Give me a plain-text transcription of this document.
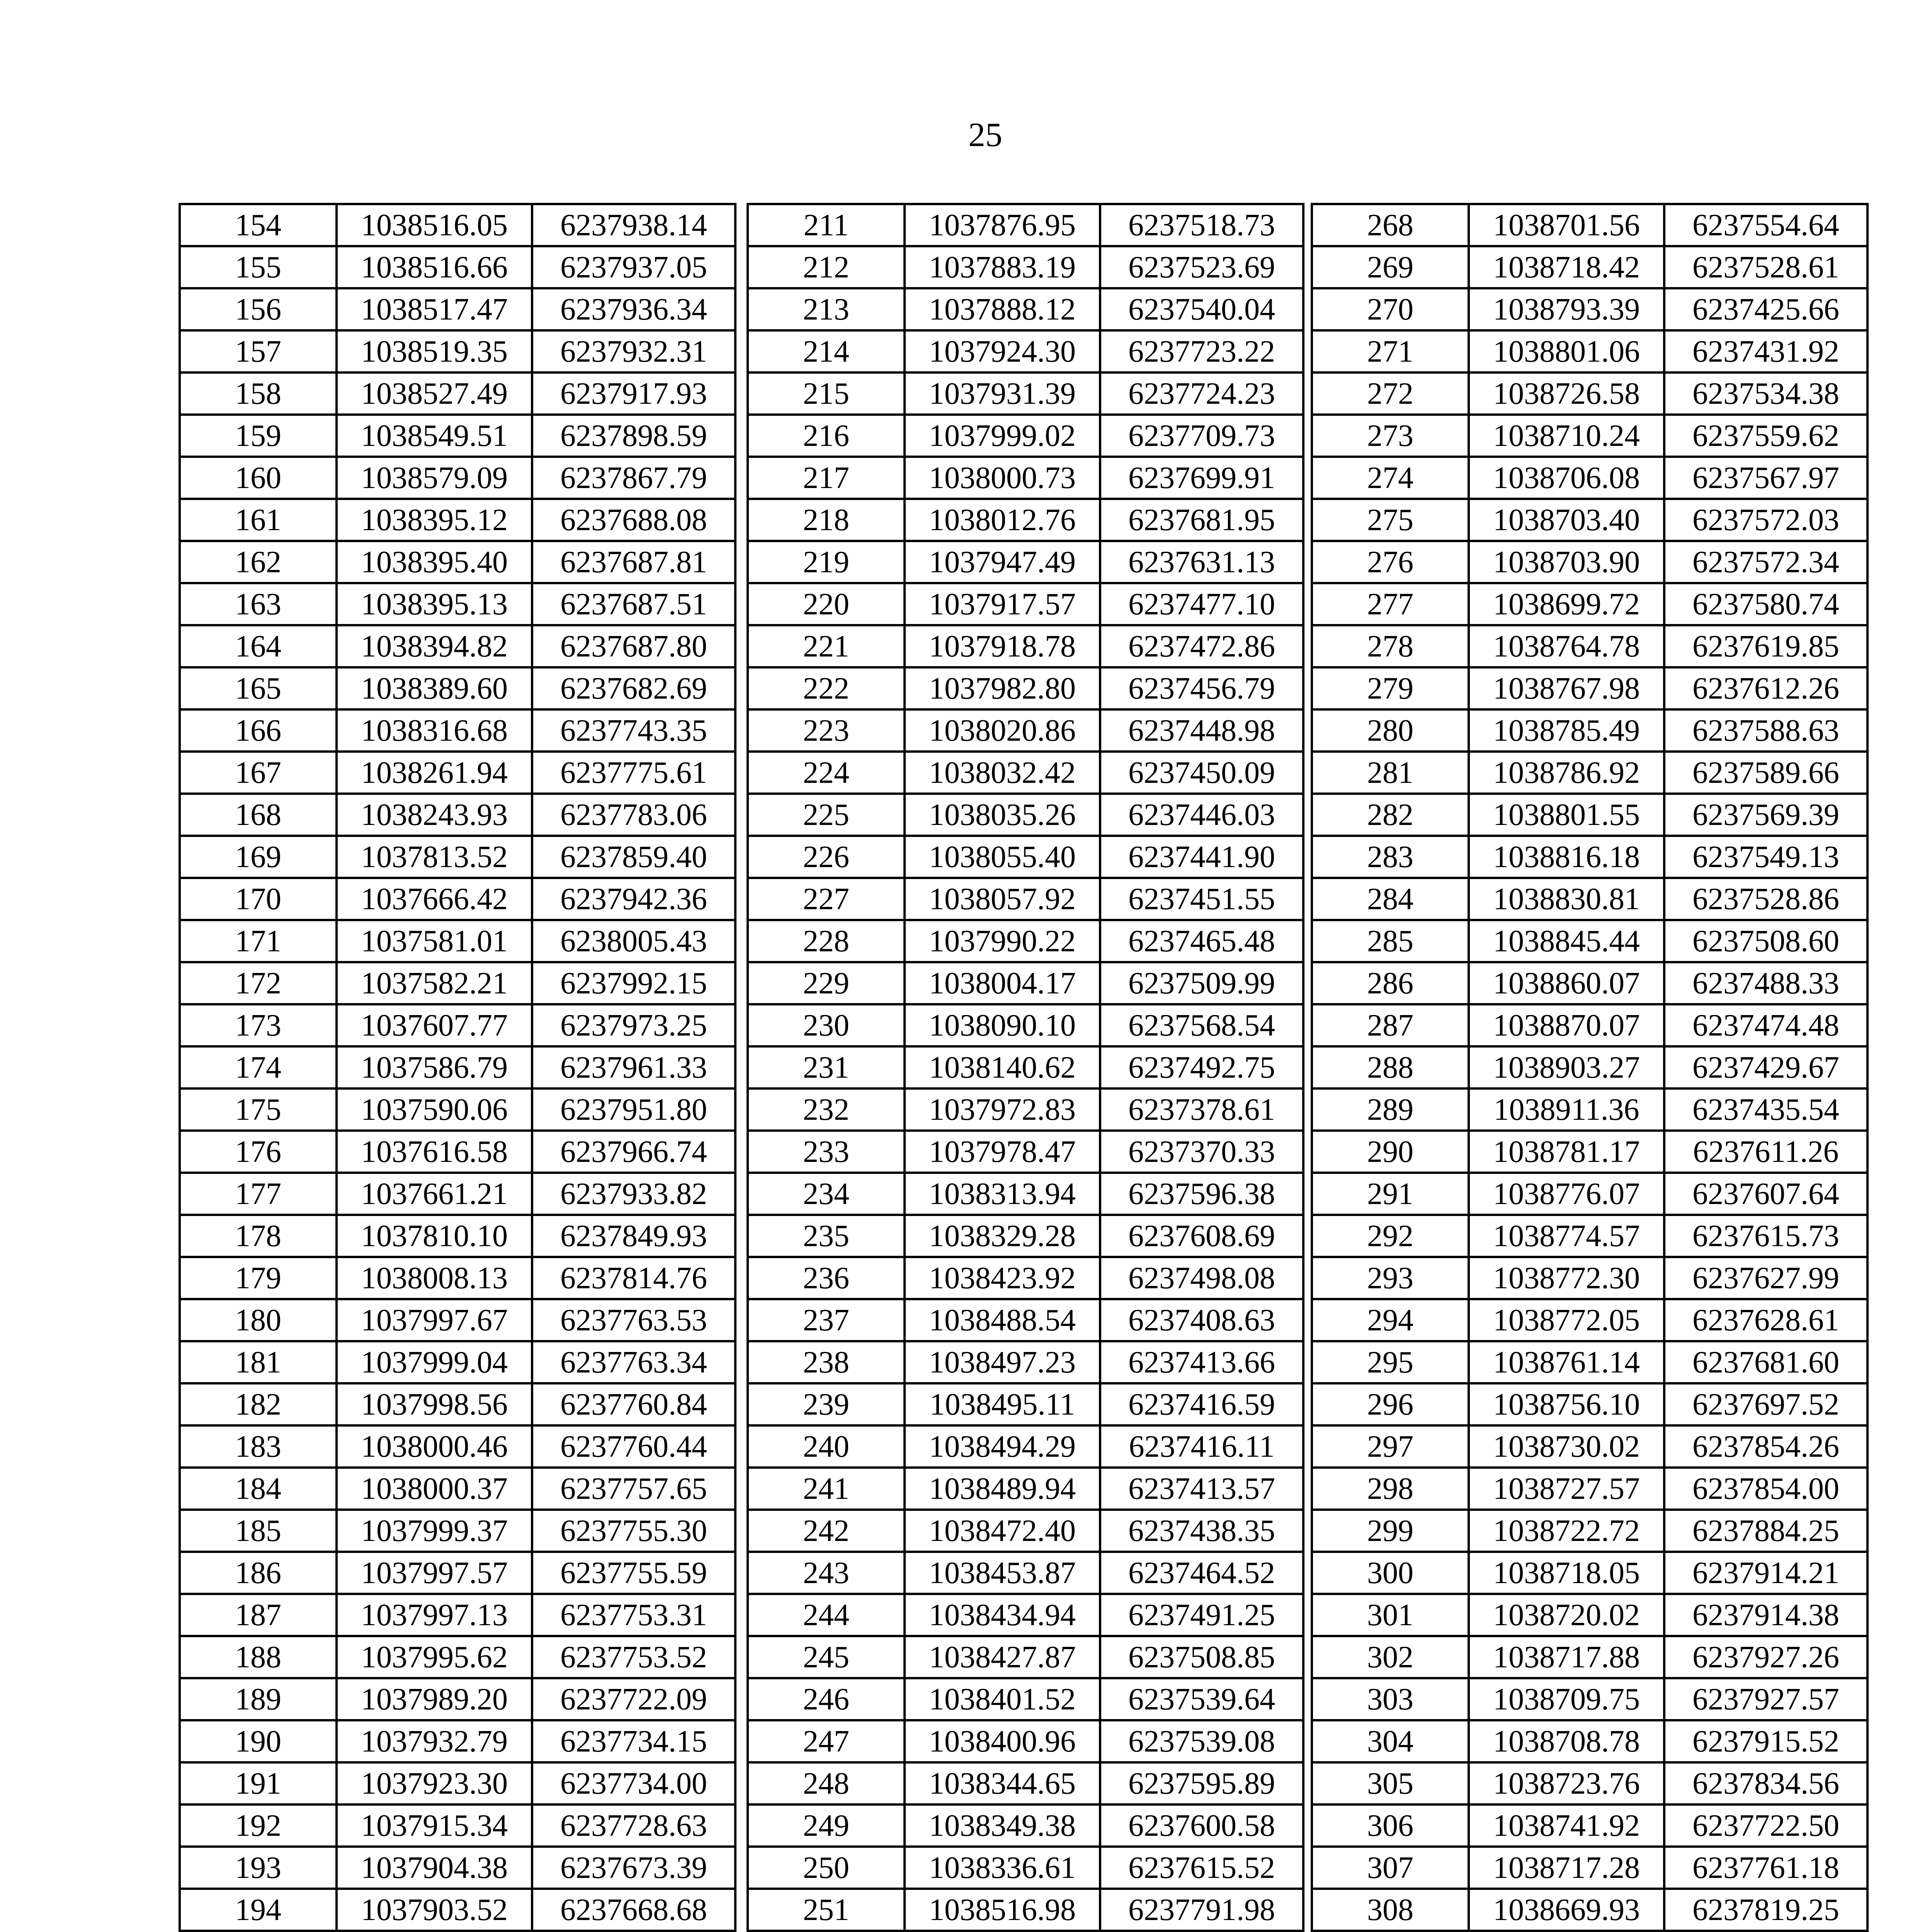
25
154	1038516.05	6237938.14
155	1038516.66	6237937.05
156	1038517.47	6237936.34
157	1038519.35	6237932.31
158	1038527.49	6237917.93
159	1038549.51	6237898.59
160	1038579.09	6237867.79
161	1038395.12	6237688.08
162	1038395.40	6237687.81
163	1038395.13	6237687.51
164	1038394.82	6237687.80
165	1038389.60	6237682.69
166	1038316.68	6237743.35
167	1038261.94	6237775.61
168	1038243.93	6237783.06
169	1037813.52	6237859.40
170	1037666.42	6237942.36
171	1037581.01	6238005.43
172	1037582.21	6237992.15
173	1037607.77	6237973.25
174	1037586.79	6237961.33
175	1037590.06	6237951.80
176	1037616.58	6237966.74
177	1037661.21	6237933.82
178	1037810.10	6237849.93
179	1038008.13	6237814.76
180	1037997.67	6237763.53
181	1037999.04	6237763.34
182	1037998.56	6237760.84
183	1038000.46	6237760.44
184	1038000.37	6237757.65
185	1037999.37	6237755.30
186	1037997.57	6237755.59
187	1037997.13	6237753.31
188	1037995.62	6237753.52
189	1037989.20	6237722.09
190	1037932.79	6237734.15
191	1037923.30	6237734.00
192	1037915.34	6237728.63
193	1037904.38	6237673.39
194	1037903.52	6237668.68

211	1037876.95	6237518.73
212	1037883.19	6237523.69
213	1037888.12	6237540.04
214	1037924.30	6237723.22
215	1037931.39	6237724.23
216	1037999.02	6237709.73
217	1038000.73	6237699.91
218	1038012.76	6237681.95
219	1037947.49	6237631.13
220	1037917.57	6237477.10
221	1037918.78	6237472.86
222	1037982.80	6237456.79
223	1038020.86	6237448.98
224	1038032.42	6237450.09
225	1038035.26	6237446.03
226	1038055.40	6237441.90
227	1038057.92	6237451.55
228	1037990.22	6237465.48
229	1038004.17	6237509.99
230	1038090.10	6237568.54
231	1038140.62	6237492.75
232	1037972.83	6237378.61
233	1037978.47	6237370.33
234	1038313.94	6237596.38
235	1038329.28	6237608.69
236	1038423.92	6237498.08
237	1038488.54	6237408.63
238	1038497.23	6237413.66
239	1038495.11	6237416.59
240	1038494.29	6237416.11
241	1038489.94	6237413.57
242	1038472.40	6237438.35
243	1038453.87	6237464.52
244	1038434.94	6237491.25
245	1038427.87	6237508.85
246	1038401.52	6237539.64
247	1038400.96	6237539.08
248	1038344.65	6237595.89
249	1038349.38	6237600.58
250	1038336.61	6237615.52
251	1038516.98	6237791.98

268	1038701.56	6237554.64
269	1038718.42	6237528.61
270	1038793.39	6237425.66
271	1038801.06	6237431.92
272	1038726.58	6237534.38
273	1038710.24	6237559.62
274	1038706.08	6237567.97
275	1038703.40	6237572.03
276	1038703.90	6237572.34
277	1038699.72	6237580.74
278	1038764.78	6237619.85
279	1038767.98	6237612.26
280	1038785.49	6237588.63
281	1038786.92	6237589.66
282	1038801.55	6237569.39
283	1038816.18	6237549.13
284	1038830.81	6237528.86
285	1038845.44	6237508.60
286	1038860.07	6237488.33
287	1038870.07	6237474.48
288	1038903.27	6237429.67
289	1038911.36	6237435.54
290	1038781.17	6237611.26
291	1038776.07	6237607.64
292	1038774.57	6237615.73
293	1038772.30	6237627.99
294	1038772.05	6237628.61
295	1038761.14	6237681.60
296	1038756.10	6237697.52
297	1038730.02	6237854.26
298	1038727.57	6237854.00
299	1038722.72	6237884.25
300	1038718.05	6237914.21
301	1038720.02	6237914.38
302	1038717.88	6237927.26
303	1038709.75	6237927.57
304	1038708.78	6237915.52
305	1038723.76	6237834.56
306	1038741.92	6237722.50
307	1038717.28	6237761.18
308	1038669.93	6237819.25
